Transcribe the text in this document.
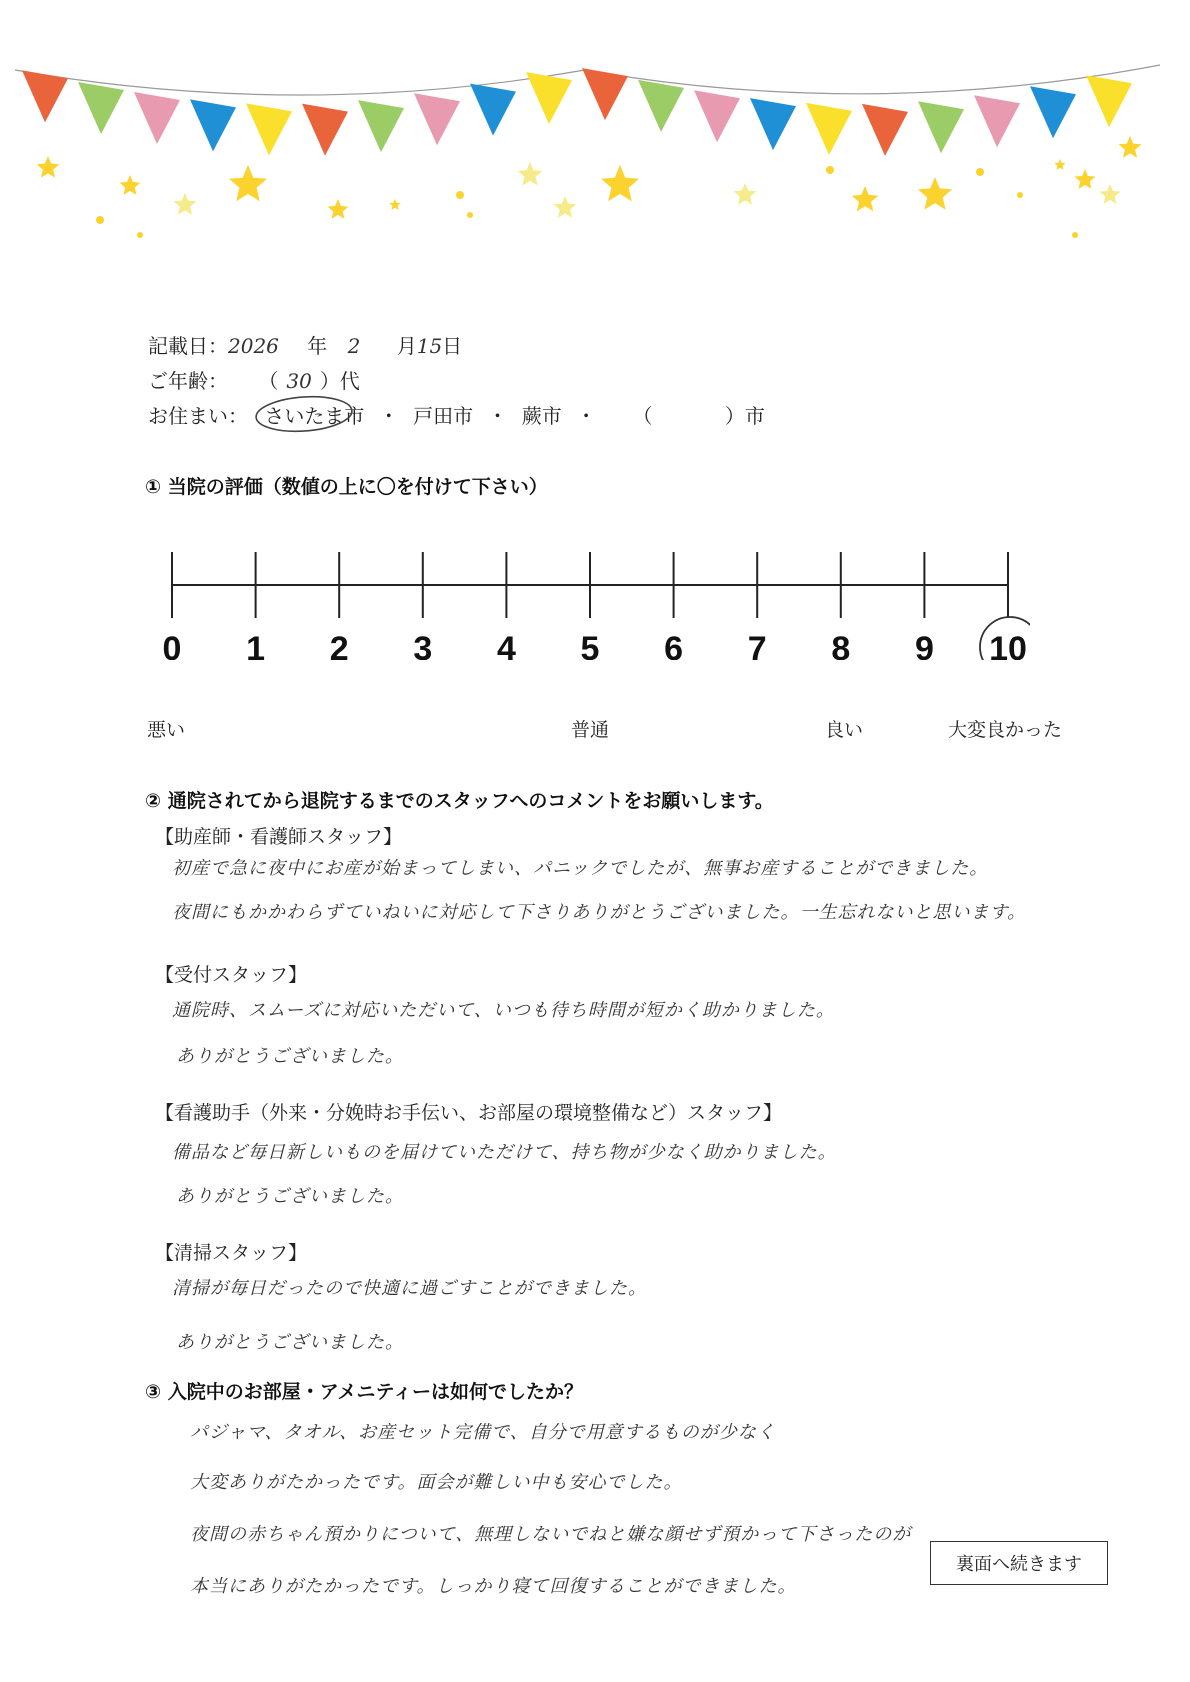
記載日：2026 年 2 月15日
ご年齢： （ 30 ）代
お住まい： さいたま市 ・ 戸田市 ・ 蕨市 ・ （	）市
① 当院の評価（数値の上に〇を付けて下さい）
0 1 2 3 4 5 6 7 8 9 10
悪い	普通	良い	大変良かった
② 通院されてから退院するまでのスタッフへのコメントをお願いします。
【助産師・看護師スタッフ】
初産で急に夜中にお産が始まってしまい、パニックでしたが、無事お産することができました。
夜間にもかかわらずていねいに対応して下さりありがとうございました。一生忘れないと思います。
【受付スタッフ】
通院時、スムーズに対応いただいて、いつも待ち時間が短かく助かりました。
ありがとうございました。
【看護助手（外来・分娩時お手伝い、お部屋の環境整備など）スタッフ】
備品など毎日新しいものを届けていただけて、持ち物が少なく助かりました。
ありがとうございました。
【清掃スタッフ】
清掃が毎日だったので快適に過ごすことができました。
ありがとうございました。
③ 入院中のお部屋・アメニティーは如何でしたか？
パジャマ、タオル、お産セット完備で、自分で用意するものが少なく
大変ありがたかったです。面会が難しい中も安心でした。
夜間の赤ちゃん預かりについて、無理しないでねと嫌な顔せず預かって下さったのが
本当にありがたかったです。しっかり寝て回復することができました。
裏面へ続きます
